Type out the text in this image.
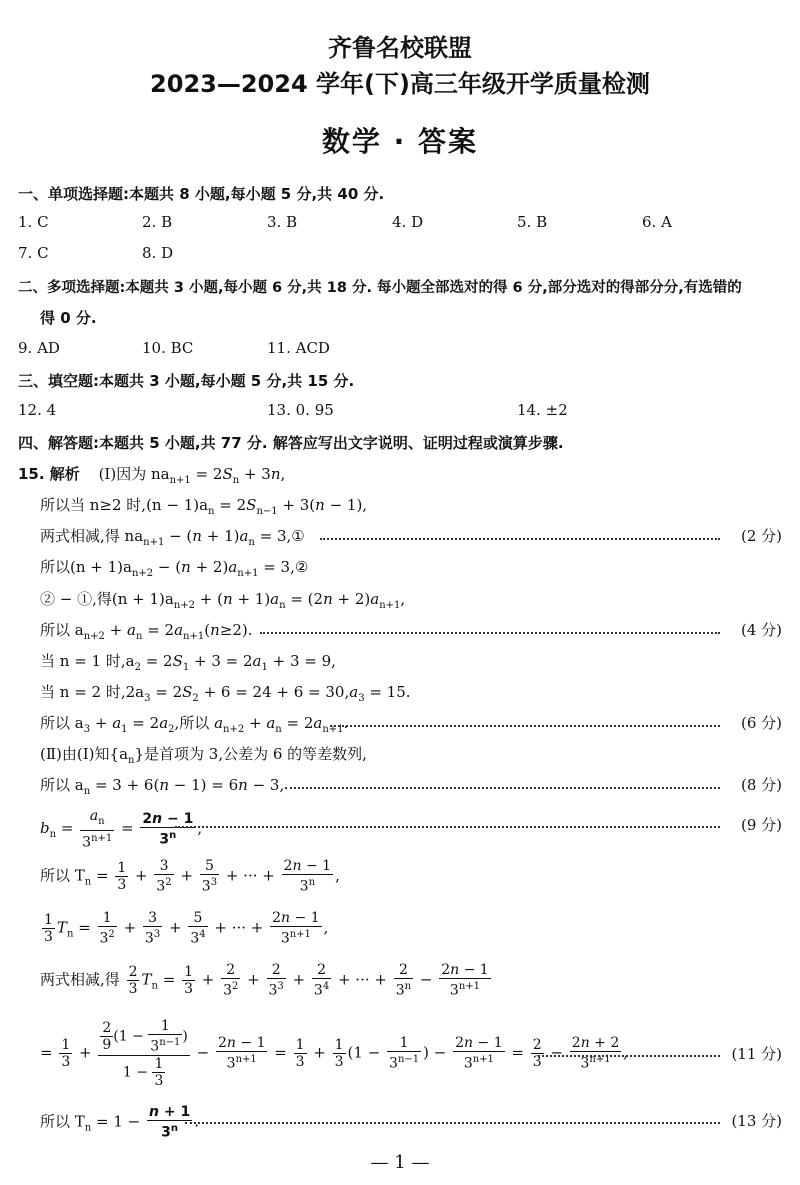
齐鲁名校联盟
2023—2024 学年(下)高三年级开学质量检测
数学 · 答案
一、单项选择题:本题共 8 小题,每小题 5 分,共 40 分.
1. C	2. B	3. B	4. D	5. B	6. A
7. C	8. D
二、多项选择题:本题共 3 小题,每小题 6 分,共 18 分. 每小题全部选对的得 6 分,部分选对的得部分分,有选错的
得 0 分.
9. AD	10. BC	11. ACD
三、填空题:本题共 3 小题,每小题 5 分,共 15 分.
12. 4	13. 0. 95	14. ±2
四、解答题:本题共 5 小题,共 77 分. 解答应写出文字说明、证明过程或演算步骤.
15. 解析 (Ⅰ)因为 $na_{n+1} = 2S_n + 3n$,
所以当 n≥2 时$,(n - 1)a_n = 2S_{n-1} + 3(n - 1)$,
两式相减,得 $na_{n+1} - (n + 1)a_n$ = 3,①	(2 分)
所以$(n + 1)a_{n+2} - (n + 2)a_{n+1}$ = 3,②
② − ①,得$(n + 1)a_{n+2} + (n + 1)a_n = (2n + 2)a_{n+1}$,
所以 $a_{n+2} + a_n = 2a_{n+1}(n\ge 2)$.	(4 分)
当 n = 1 时$,a_2 = 2S_1 + 3 = 2a_1 + 3 = 9$,
当 n = 2 时$,2a_3 = 2S_2 + 6 = 24 + 6 = 30,a_3 = 15$.
所以 $a_3 + a_1 = 2a_2$,所以 $a_{n+2} + a_n = 2a_{n+1}$.	(6 分)
(Ⅱ)由(Ⅰ)知$\{a_n\}$是首项为 3,公差为 6 的等差数列,
所以 $a_n = 3 + 6(n - 1) = 6n - 3$,	(8 分)
$b_n = \frac{a_n}{3^{n+1}} = \frac{2n - 1}{3^n}$ ,	(9 分)
所以 $T_n = \frac{1}{3} + \frac{3}{3^2} + \frac{5}{3^3}$ + ··· + $\frac{2n - 1}{3^n}$ ,
$\frac{1}{3} T_n = \frac{1}{3^2} + \frac{3}{3^3} + \frac{5}{3^4}$ + ··· + $\frac{2n - 1}{3^{n+1}}$ ,
两式相减,得 $\frac{2}{3} T_n = \frac{1}{3} + \frac{2}{3^2} + \frac{2}{3^3} + \frac{2}{3^4}$ + ··· + $\frac{2}{3^n} - \frac{2n - 1}{3^{n+1}}$
= $\frac{1}{3} + \frac{\frac{2}{9} (1 - \frac{1}{3^{n-1}} )}{1 - \frac{1}{3}} - \frac{2n - 1}{3^{n+1}} = \frac{1}{3} + \frac{1}{3} (1 - \frac{1}{3^{n-1}}$ ) − $\frac{2n - 1}{3^{n+1}} = \frac{2}{3} - \frac{2n + 2}{3^{n+1}}$ ,	(11 分)
所以 $T_n = 1 - \frac{n + 1}{3^n}$ .	(13 分)
— 1 —
